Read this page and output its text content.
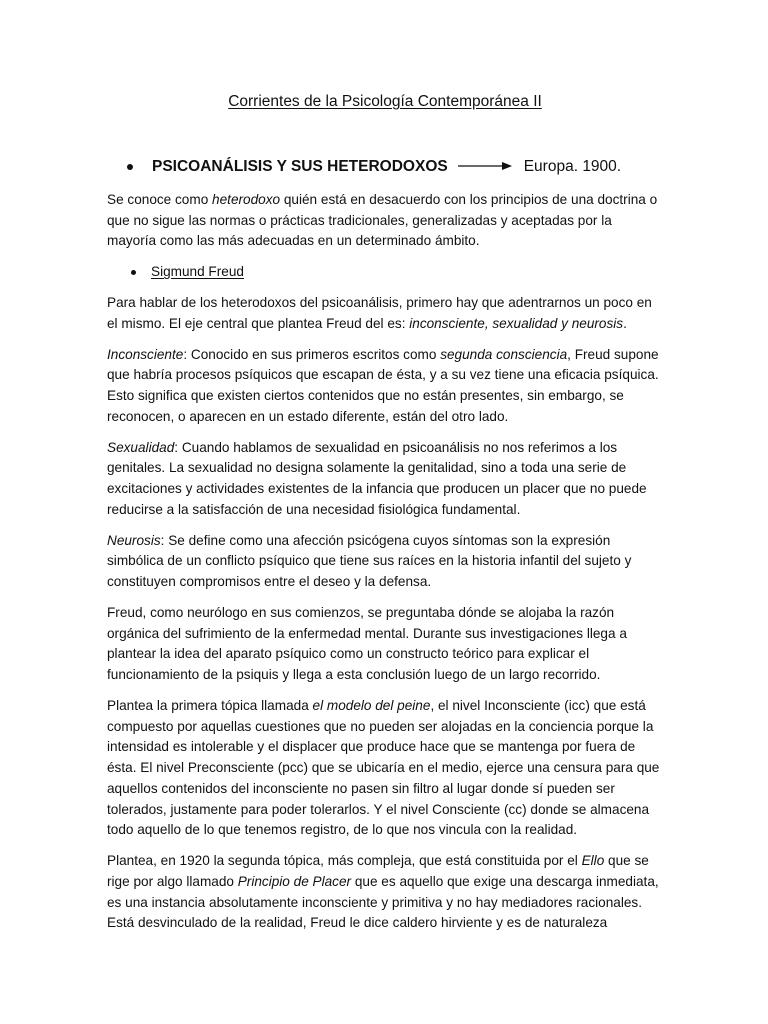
Corrientes de la Psicología Contemporánea II
PSICOANÁLISIS Y SUS HETERODOXOS	Europa. 1900.

Se conoce como heterodoxo quién está en desacuerdo con los principios de una doctrina o que no sigue las normas o prácticas tradicionales, generalizadas y aceptadas por la mayoría como las más adecuadas en un determinado ámbito.

Sigmund Freud

Para hablar de los heterodoxos del psicoanálisis, primero hay que adentrarnos un poco en el mismo. El eje central que plantea Freud del es: inconsciente, sexualidad y neurosis.

Inconsciente: Conocido en sus primeros escritos como segunda consciencia, Freud supone que habría procesos psíquicos que escapan de ésta, y a su vez tiene una eficacia psíquica. Esto significa que existen ciertos contenidos que no están presentes, sin embargo, se reconocen, o aparecen en un estado diferente, están del otro lado.

Sexualidad: Cuando hablamos de sexualidad en psicoanálisis no nos referimos a los genitales. La sexualidad no designa solamente la genitalidad, sino a toda una serie de excitaciones y actividades existentes de la infancia que producen un placer que no puede reducirse a la satisfacción de una necesidad fisiológica fundamental.

Neurosis: Se define como una afección psicógena cuyos síntomas son la expresión simbólica de un conflicto psíquico que tiene sus raíces en la historia infantil del sujeto y constituyen compromisos entre el deseo y la defensa.

Freud, como neurólogo en sus comienzos, se preguntaba dónde se alojaba la razón orgánica del sufrimiento de la enfermedad mental. Durante sus investigaciones llega a plantear la idea del aparato psíquico como un constructo teórico para explicar el funcionamiento de la psiquis y llega a esta conclusión luego de un largo recorrido.

Plantea la primera tópica llamada el modelo del peine, el nivel Inconsciente (icc) que está compuesto por aquellas cuestiones que no pueden ser alojadas en la conciencia porque la intensidad es intolerable y el displacer que produce hace que se mantenga por fuera de ésta. El nivel Preconsciente (pcc) que se ubicaría en el medio, ejerce una censura para que aquellos contenidos del inconsciente no pasen sin filtro al lugar donde sí pueden ser tolerados, justamente para poder tolerarlos. Y el nivel Consciente (cc) donde se almacena todo aquello de lo que tenemos registro, de lo que nos vincula con la realidad.

Plantea, en 1920 la segunda tópica, más compleja, que está constituida por el Ello que se rige por algo llamado Principio de Placer que es aquello que exige una descarga inmediata, es una instancia absolutamente inconsciente y primitiva y no hay mediadores racionales. Está desvinculado de la realidad, Freud le dice caldero hirviente y es de naturaleza
